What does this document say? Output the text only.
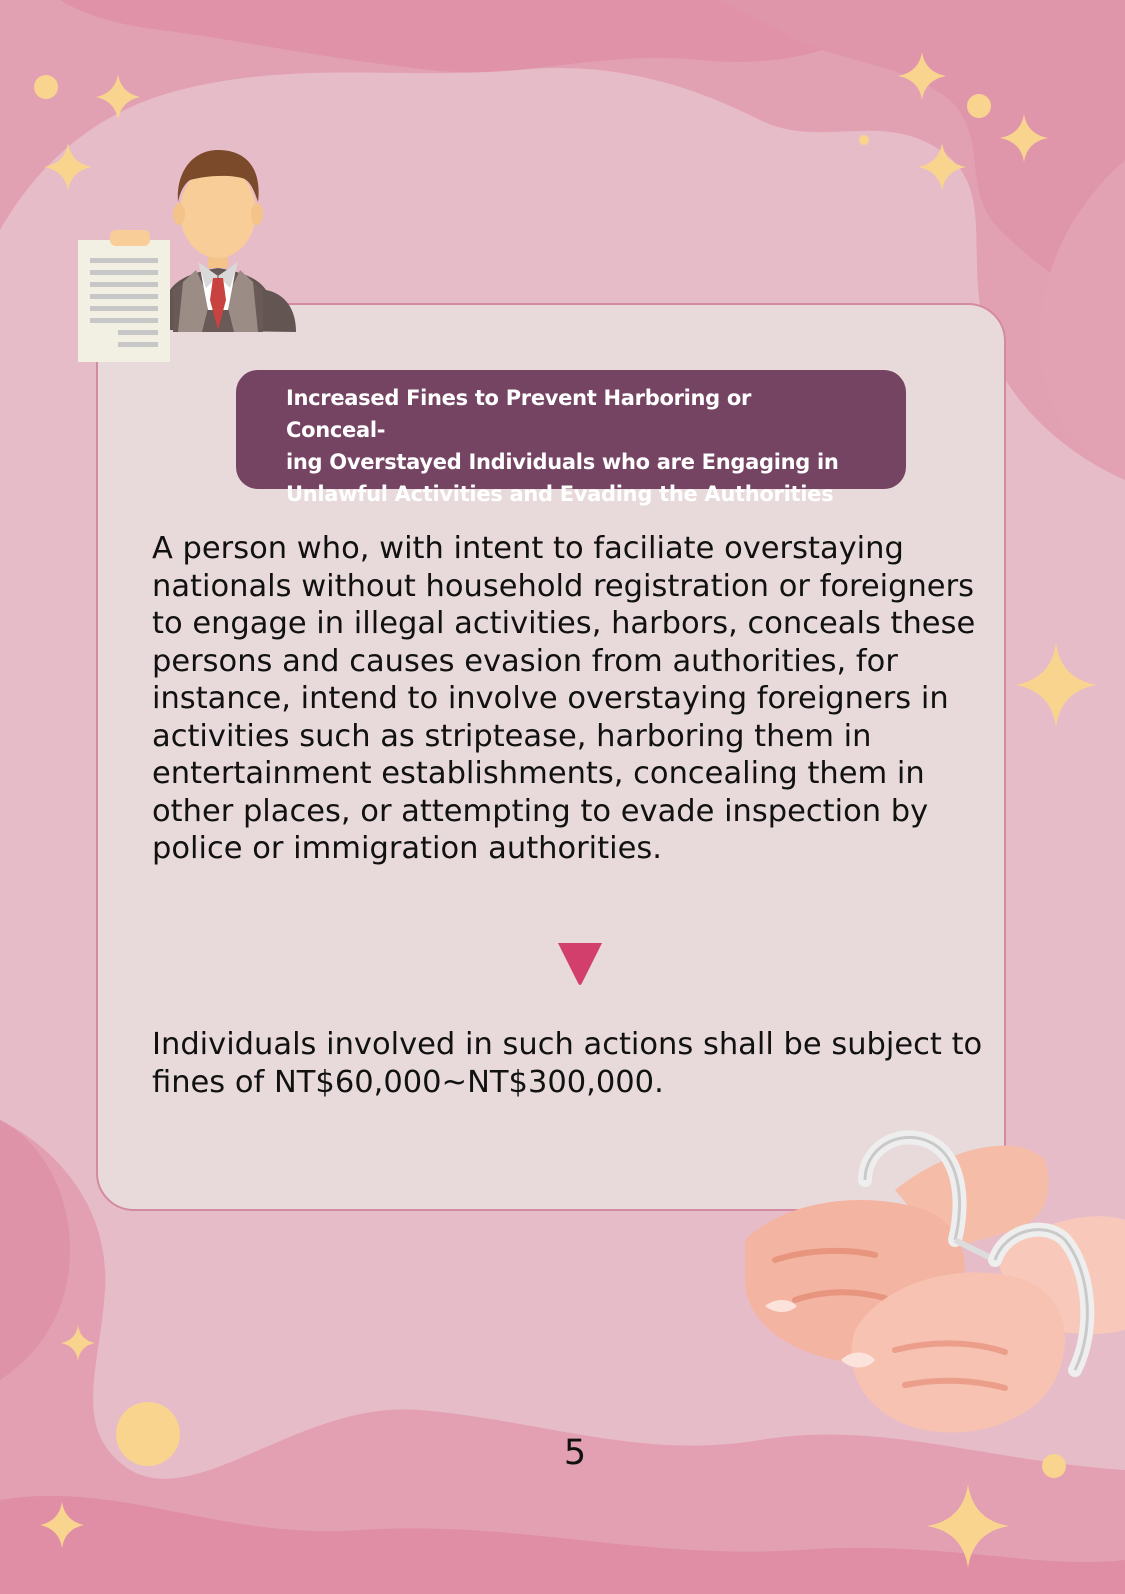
Increased Fines to Prevent Harboring or Conceal-

ing Overstayed Individuals who are Engaging in

Unlawful Activities and Evading the Authorities

A person who, with intent to faciliate overstaying nationals without household registration or foreigners to engage in illegal activities, harbors, conceals these persons and causes evasion from authorities, for instance, intend to involve overstaying foreigners in activities such as striptease, harboring them in entertainment establishments, concealing them in other places, or attempting to evade inspection by police or immigration authorities.

Individuals involved in such actions shall be subject to fines of NT$60,000~NT$300,000.

5
